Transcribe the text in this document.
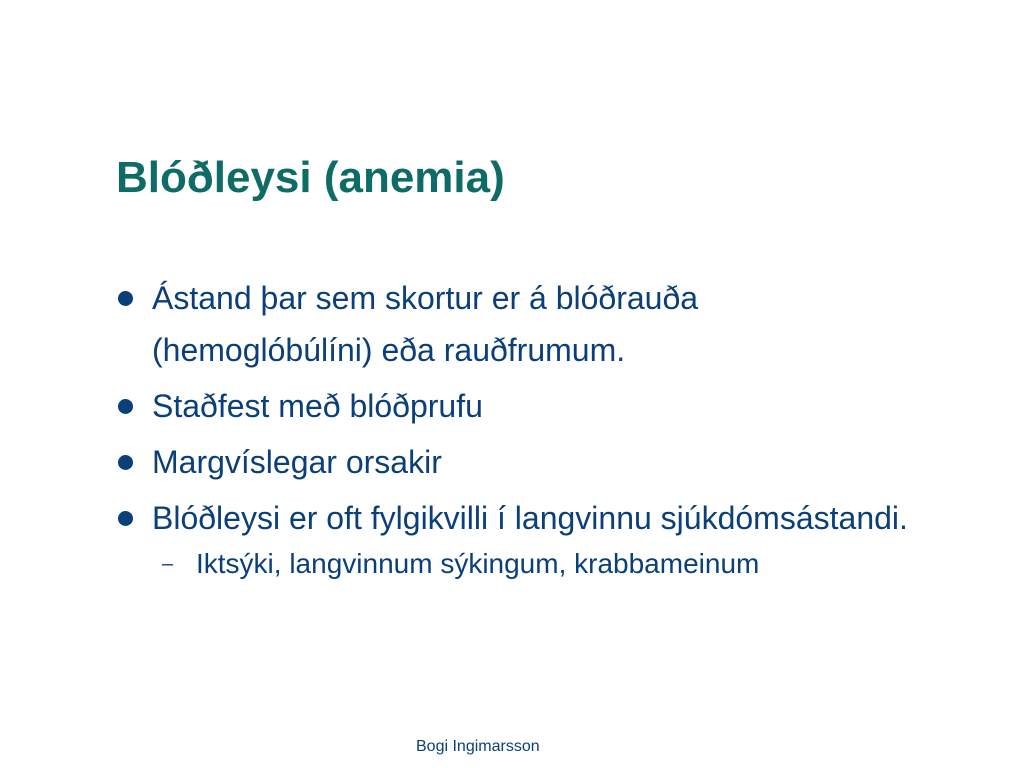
Blóðleysi (anemia)
Ástand þar sem skortur er á blóðrauða (hemoglóbúlíni) eða rauðfrumum.
Staðfest með blóðprufu
Margvíslegar orsakir
Blóðleysi er oft fylgikvilli í langvinnu sjúkdómsástandi.
– Iktsýki, langvinnum sýkingum, krabbameinum
Bogi Ingimarsson
